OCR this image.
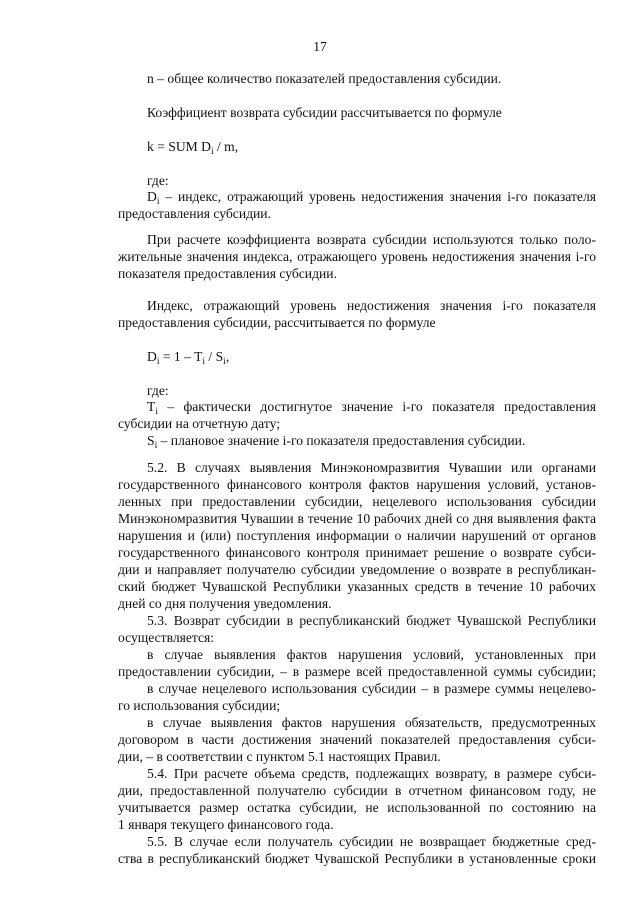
17
n – общее количество показателей предоставления субсидии.
Коэффициент возврата субсидии рассчитывается по формуле
k = SUM $D_i$ / m,
где:
$D_i$ – индекс, отражающий уровень недостижения значения i-го показателя
предоставления субсидии.
При расчете коэффициента возврата субсидии используются только поло-
жительные значения индекса, отражающего уровень недостижения значения i-го
показателя предоставления субсидии.
Индекс, отражающий уровень недостижения значения i-го показателя
предоставления субсидии, рассчитывается по формуле
$D_i = 1 - T_i / S_i$,
где:
$T_i$ – фактически достигнутое значение i-го показателя предоставления
субсидии на отчетную дату;
$S_i$ – плановое значение i-го показателя предоставления субсидии.
5.2. В случаях выявления Минэкономразвития Чувашии или органами
государственного финансового контроля фактов нарушения условий, установ-
ленных при предоставлении субсидии, нецелевого использования субсидии
Минэкономразвития Чувашии в течение 10 рабочих дней со дня выявления факта
нарушения и (или) поступления информации о наличии нарушений от органов
государственного финансового контроля принимает решение о возврате субси-
дии и направляет получателю субсидии уведомление о возврате в республикан-
ский бюджет Чувашской Республики указанных средств в течение 10 рабочих
дней со дня получения уведомления.
5.3. Возврат субсидии в республиканский бюджет Чувашской Республики
осуществляется:
в случае выявления фактов нарушения условий, установленных при
предоставлении субсидии, – в размере всей предоставленной суммы субсидии;
в случае нецелевого использования субсидии – в размере суммы нецелево-
го использования субсидии;
в случае выявления фактов нарушения обязательств, предусмотренных
договором в части достижения значений показателей предоставления субси-
дии, – в соответствии с пунктом 5.1 настоящих Правил.
5.4. При расчете объема средств, подлежащих возврату, в размере субси-
дии, предоставленной получателю субсидии в отчетном финансовом году, не
учитывается размер остатка субсидии, не использованной по состоянию на
1 января текущего финансового года.
5.5. В случае если получатель субсидии не возвращает бюджетные сред-
ства в республиканский бюджет Чувашской Республики в установленные сроки
